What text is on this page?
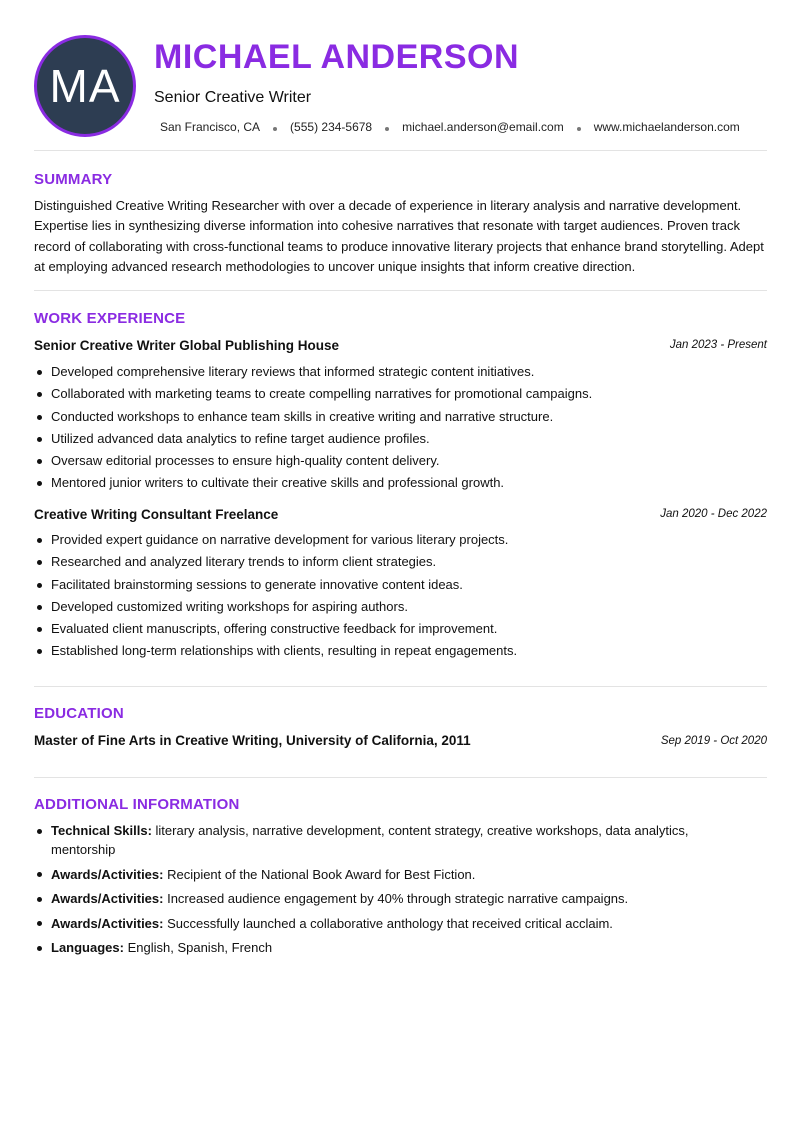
MA
MICHAEL ANDERSON
Senior Creative Writer
San Francisco, CA	(555) 234-5678	michael.anderson@email.com	www.michaelanderson.com
SUMMARY
Distinguished Creative Writing Researcher with over a decade of experience in literary analysis and narrative development. Expertise lies in synthesizing diverse information into cohesive narratives that resonate with target audiences. Proven track record of collaborating with cross-functional teams to produce innovative literary projects that enhance brand storytelling. Adept at employing advanced research methodologies to uncover unique insights that inform creative direction.
WORK EXPERIENCE
Senior Creative Writer Global Publishing House	Jan 2023 - Present
Developed comprehensive literary reviews that informed strategic content initiatives.
Collaborated with marketing teams to create compelling narratives for promotional campaigns.
Conducted workshops to enhance team skills in creative writing and narrative structure.
Utilized advanced data analytics to refine target audience profiles.
Oversaw editorial processes to ensure high-quality content delivery.
Mentored junior writers to cultivate their creative skills and professional growth.
Creative Writing Consultant Freelance	Jan 2020 - Dec 2022
Provided expert guidance on narrative development for various literary projects.
Researched and analyzed literary trends to inform client strategies.
Facilitated brainstorming sessions to generate innovative content ideas.
Developed customized writing workshops for aspiring authors.
Evaluated client manuscripts, offering constructive feedback for improvement.
Established long-term relationships with clients, resulting in repeat engagements.
EDUCATION
Master of Fine Arts in Creative Writing, University of California, 2011	Sep 2019 - Oct 2020
ADDITIONAL INFORMATION
Technical Skills: literary analysis, narrative development, content strategy, creative workshops, data analytics, mentorship
Awards/Activities: Recipient of the National Book Award for Best Fiction.
Awards/Activities: Increased audience engagement by 40% through strategic narrative campaigns.
Awards/Activities: Successfully launched a collaborative anthology that received critical acclaim.
Languages: English, Spanish, French
